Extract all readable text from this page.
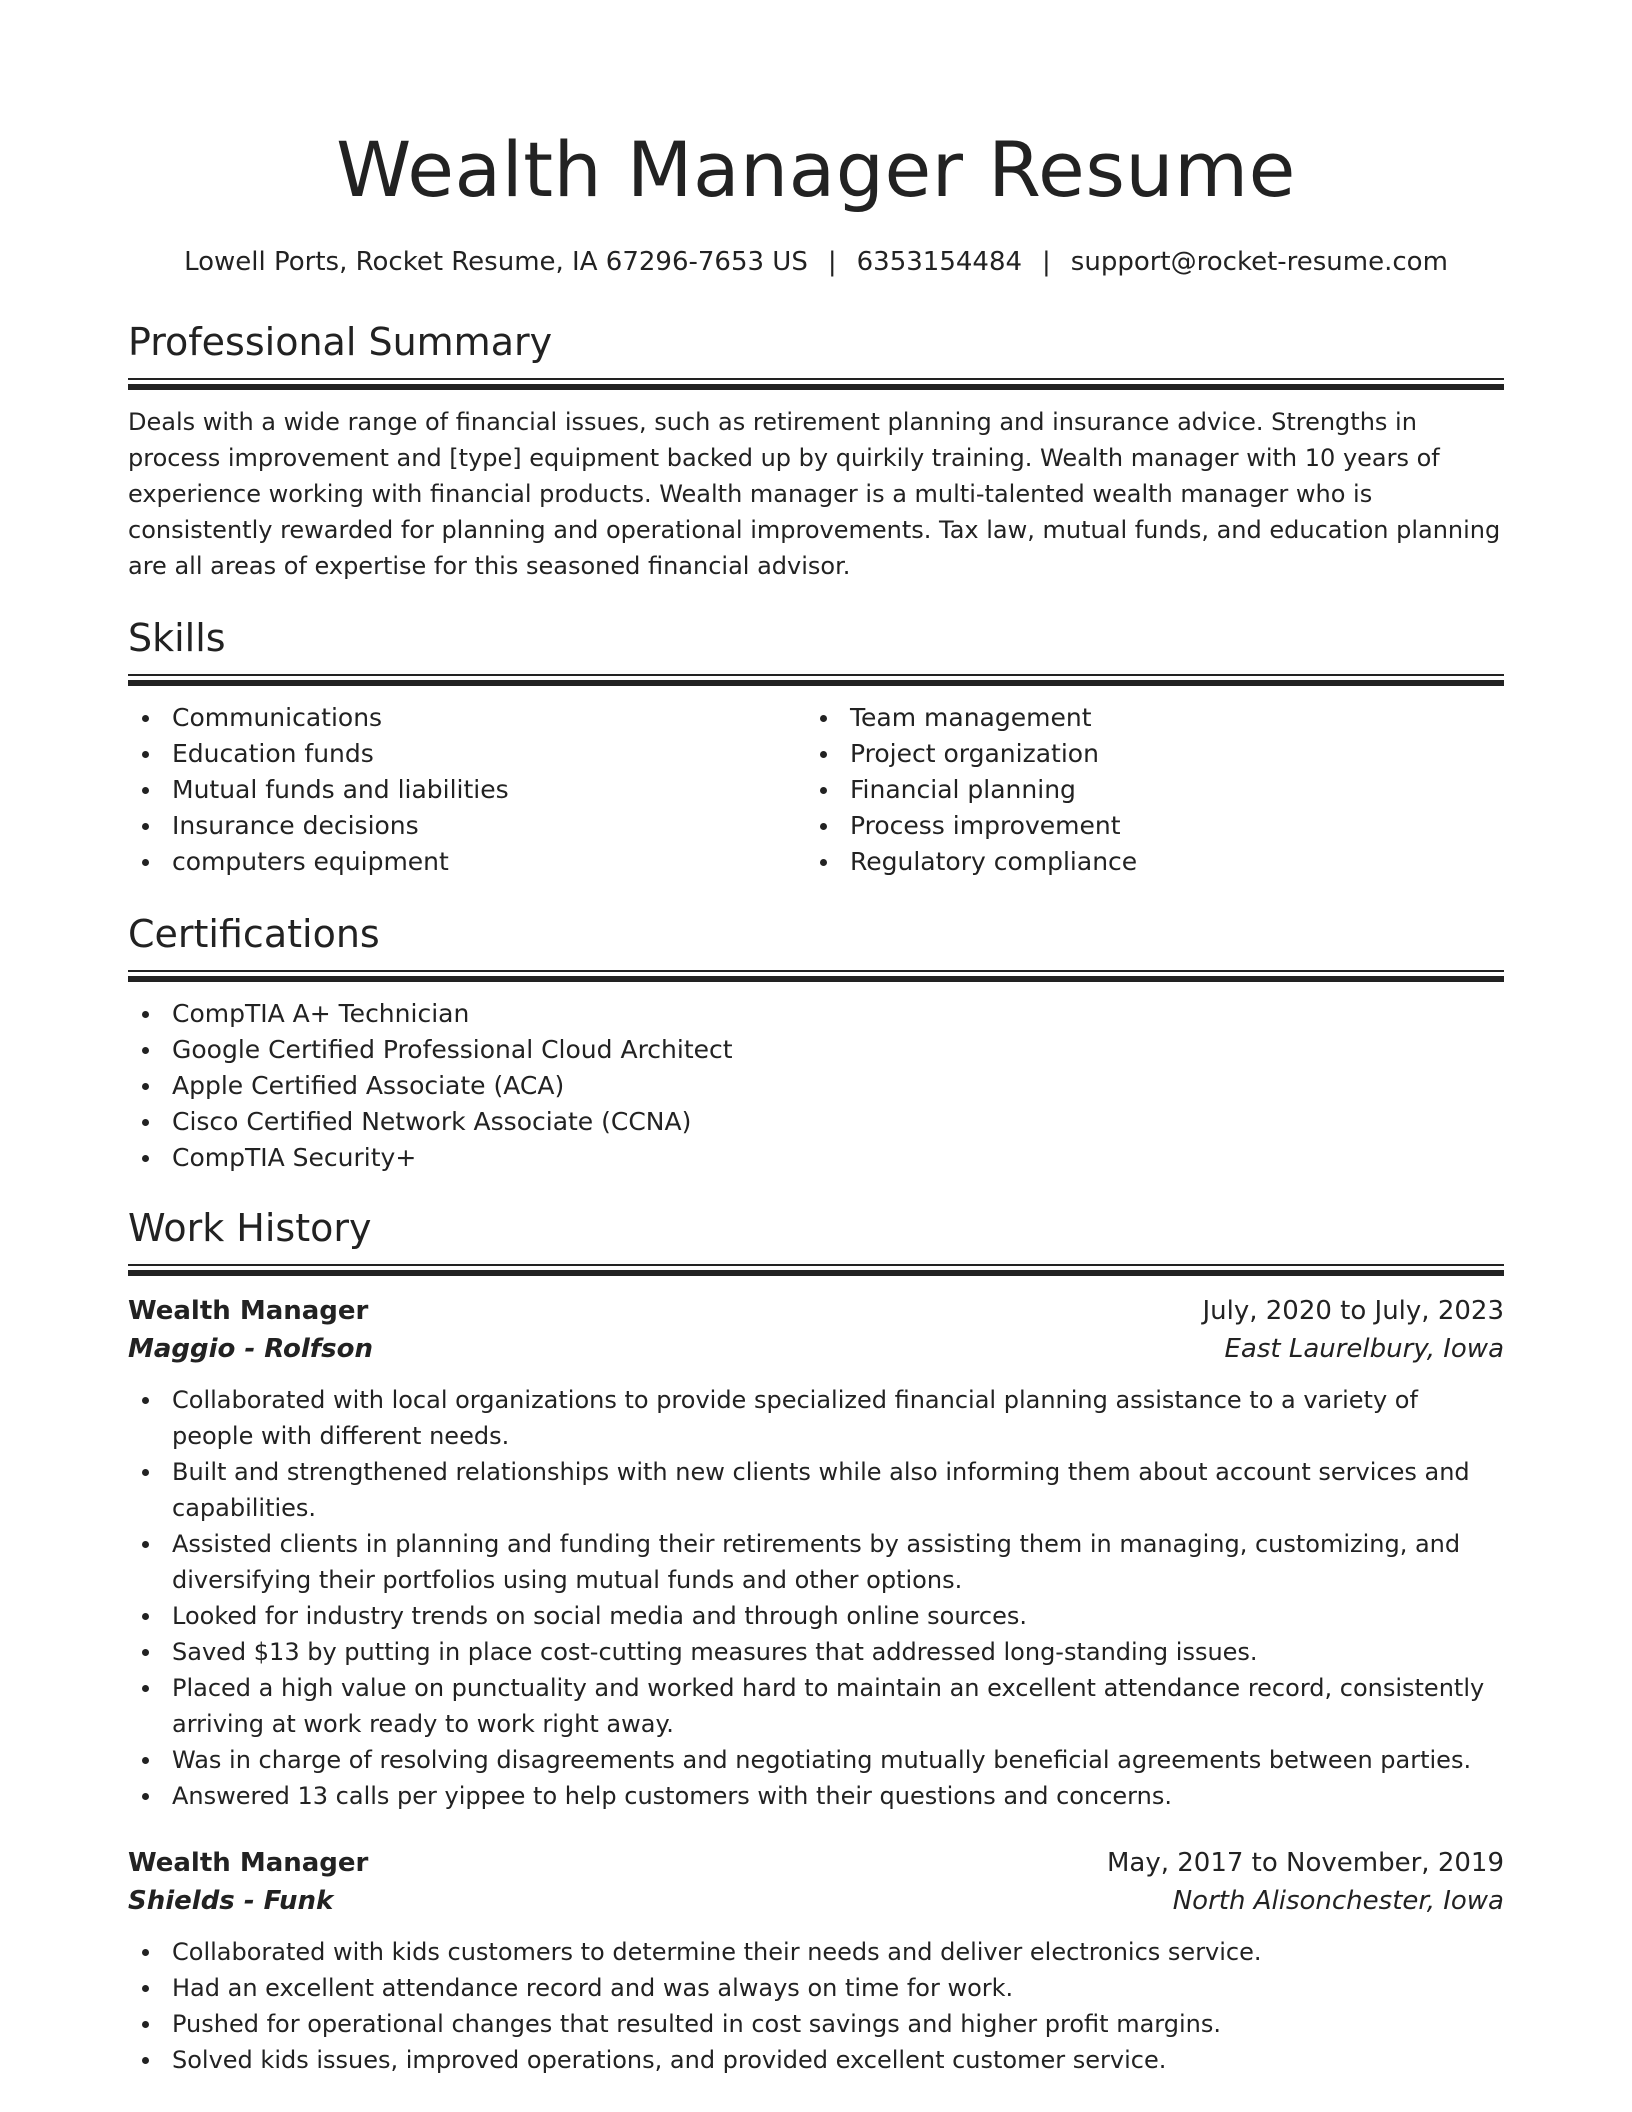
Wealth Manager Resume
Lowell Ports, Rocket Resume, IA 67296-7653 US | 6353154484 | support@rocket-resume.com
Professional Summary
Deals with a wide range of financial issues, such as retirement planning and insurance advice. Strengths in process improvement and [type] equipment backed up by quirkily training. Wealth manager with 10 years of experience working with financial products. Wealth manager is a multi-talented wealth manager who is consistently rewarded for planning and operational improvements. Tax law, mutual funds, and education planning are all areas of expertise for this seasoned financial advisor.
Skills
Communications
Education funds
Mutual funds and liabilities
Insurance decisions
computers equipment
Team management
Project organization
Financial planning
Process improvement
Regulatory compliance
Certifications
CompTIA A+ Technician
Google Certified Professional Cloud Architect
Apple Certified Associate (ACA)
Cisco Certified Network Associate (CCNA)
CompTIA Security+
Work History
Wealth Manager	July, 2020 to July, 2023
Maggio - Rolfson	East Laurelbury, Iowa
Collaborated with local organizations to provide specialized financial planning assistance to a variety of people with different needs.
Built and strengthened relationships with new clients while also informing them about account services and capabilities.
Assisted clients in planning and funding their retirements by assisting them in managing, customizing, and diversifying their portfolios using mutual funds and other options.
Looked for industry trends on social media and through online sources.
Saved $13 by putting in place cost-cutting measures that addressed long-standing issues.
Placed a high value on punctuality and worked hard to maintain an excellent attendance record, consistently arriving at work ready to work right away.
Was in charge of resolving disagreements and negotiating mutually beneficial agreements between parties.
Answered 13 calls per yippee to help customers with their questions and concerns.
Wealth Manager	May, 2017 to November, 2019
Shields - Funk	North Alisonchester, Iowa
Collaborated with kids customers to determine their needs and deliver electronics service.
Had an excellent attendance record and was always on time for work.
Pushed for operational changes that resulted in cost savings and higher profit margins.
Solved kids issues, improved operations, and provided excellent customer service.
